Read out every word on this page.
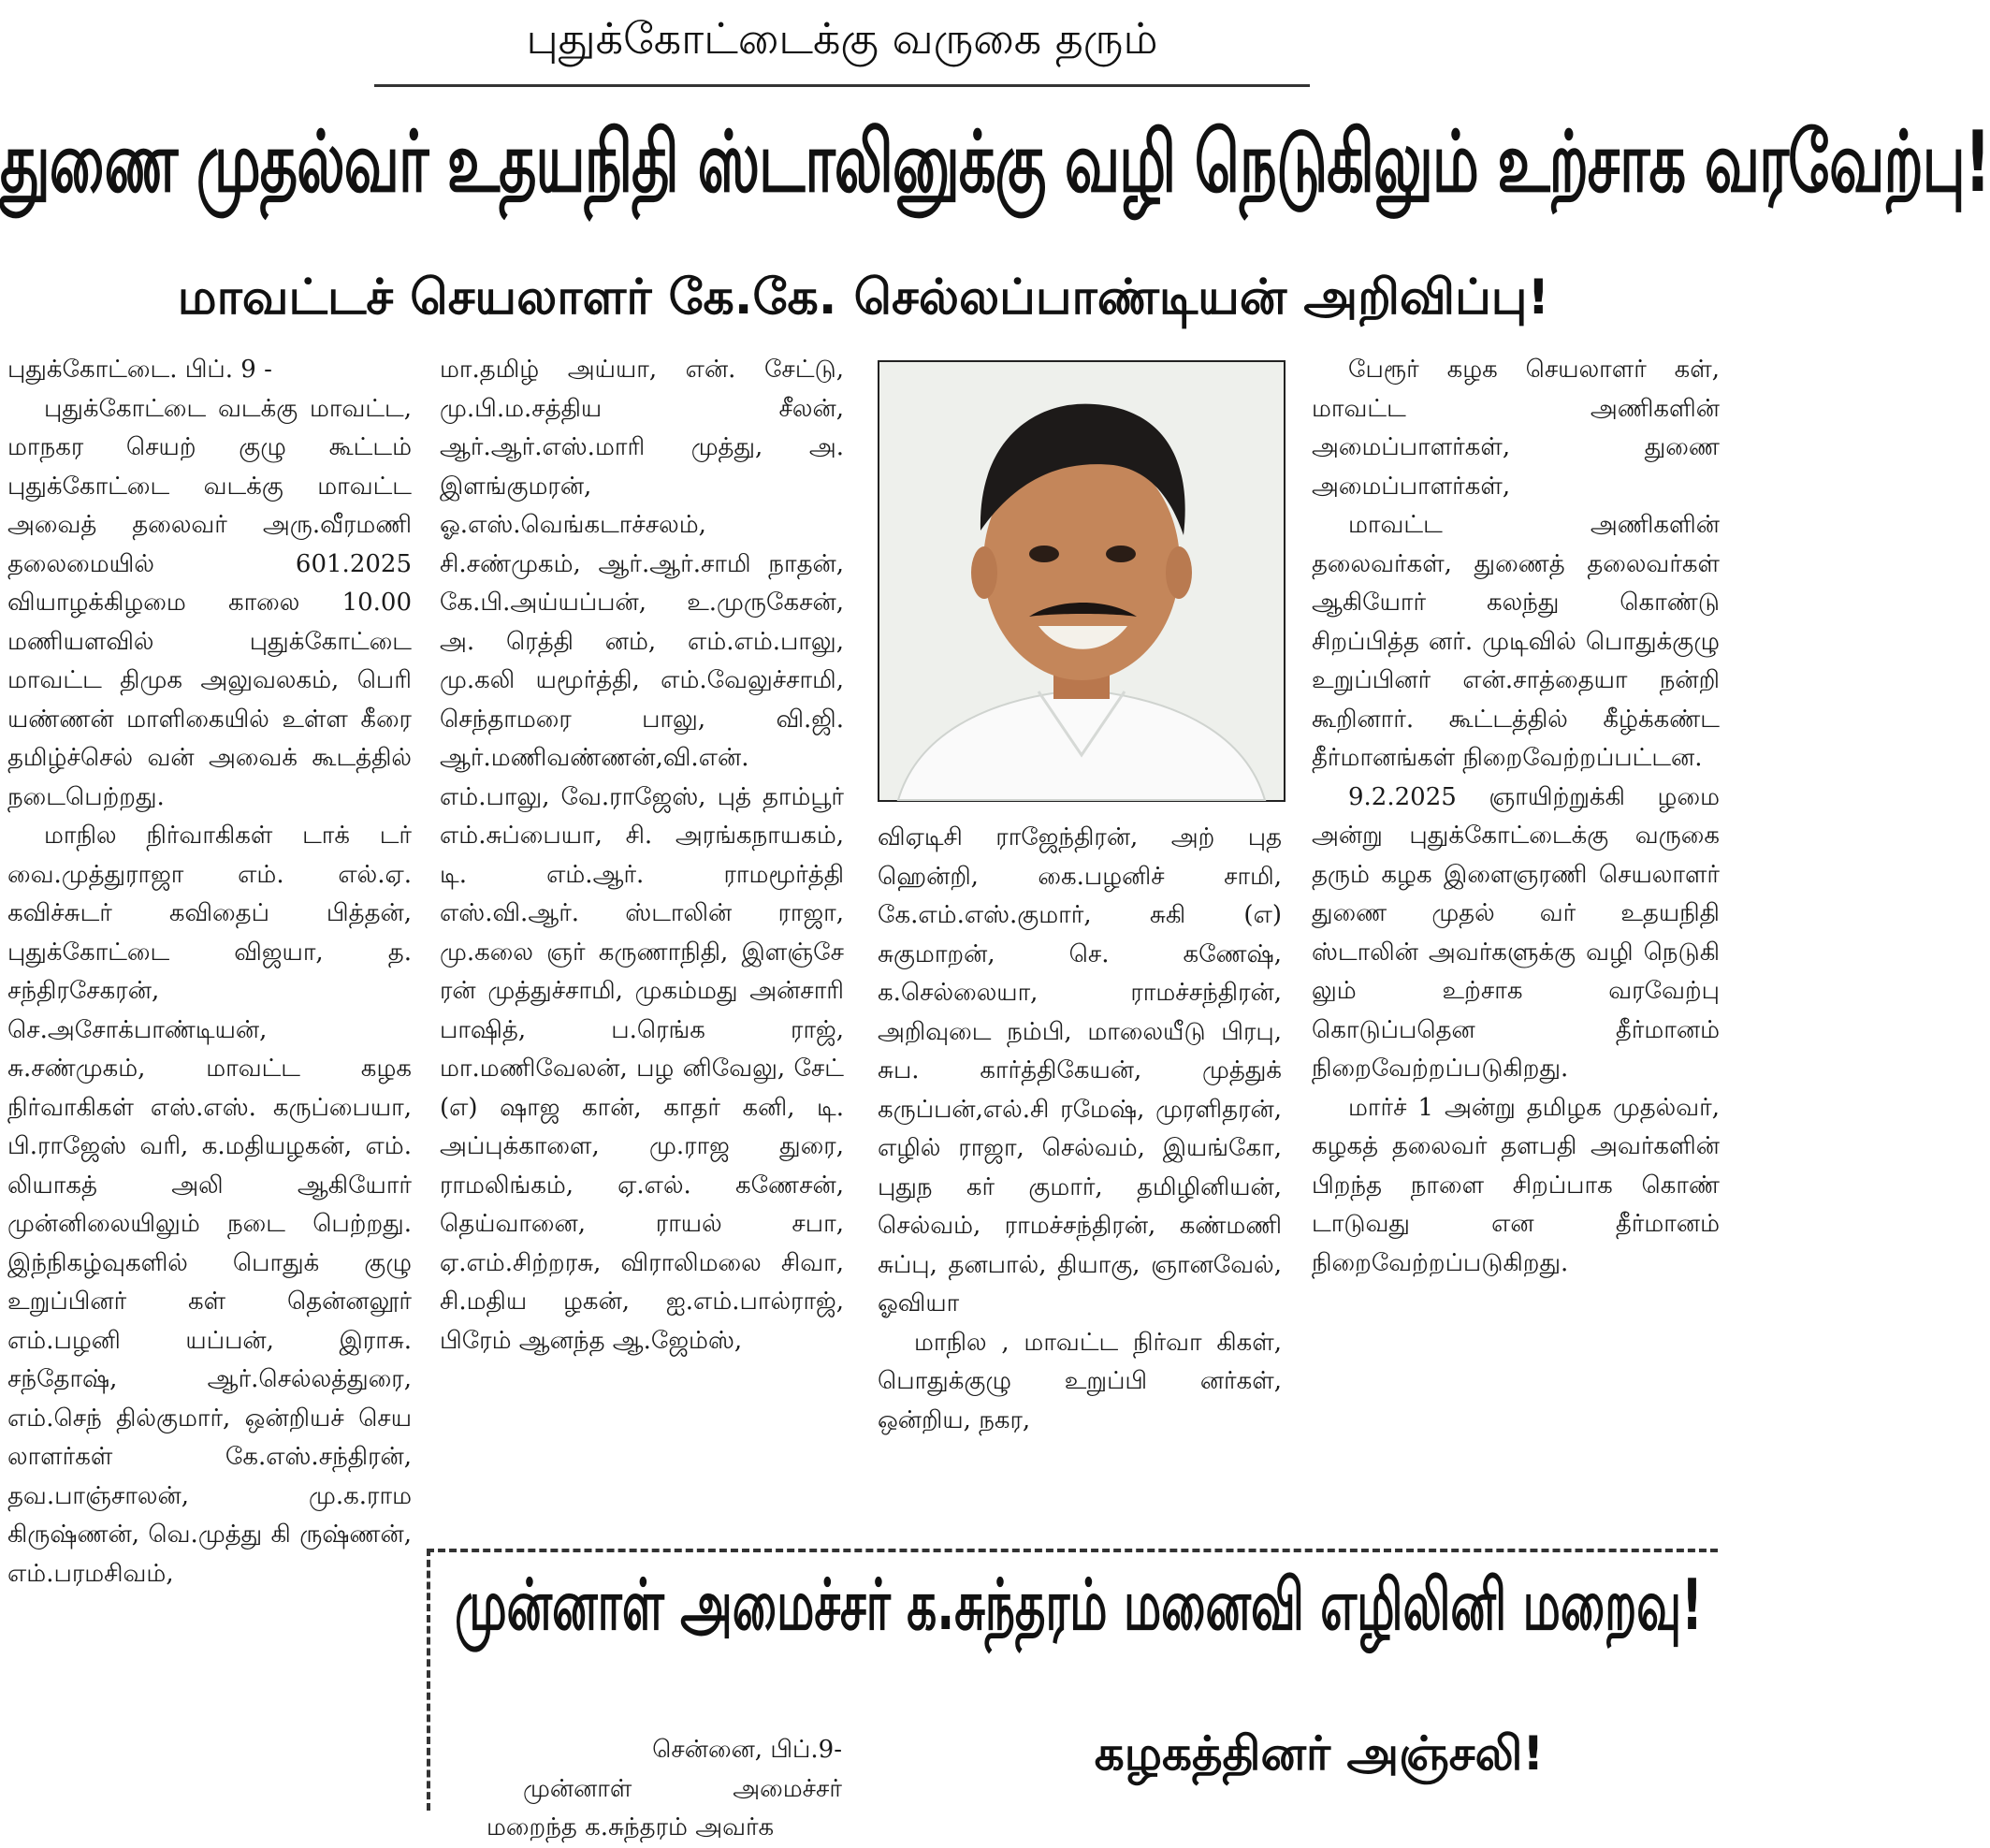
புதுக்கோட்டைக்கு வருகை தரும்
துணை முதல்வர் உதயநிதி ஸ்டாலினுக்கு வழி நெடுகிலும் உற்சாக வரவேற்பு!
மாவட்டச் செயலாளர் கே.கே. செல்லப்பாண்டியன் அறிவிப்பு!

புதுக்கோட்டை. பிப். 9 -

புதுக்கோட்டை வடக்கு மாவட்ட, மாநகர செயற் குழு கூட்டம் புதுக்கோட்டை வடக்கு மாவட்ட அவைத் தலைவர் அரு.வீரமணி தலைமையில் 601.2025 வியாழக்கிழமை காலை 10.00 மணியளவில் புதுக்கோட்டை மாவட்ட திமுக அலுவலகம், பெரி யண்ணன் மாளிகையில் உள்ள கீரை தமிழ்ச்செல் வன் அவைக் கூடத்தில் நடைபெற்றது.

மாநில நிர்வாகிகள் டாக் டர் வை.முத்துராஜா எம். எல்.ஏ. கவிச்சுடர் கவிதைப் பித்தன், புதுக்கோட்டை விஜயா, த. சந்திரசேகரன், செ.அசோக்பாண்டியன், சு.சண்முகம், மாவட்ட கழக நிர்வாகிகள் எஸ்.எஸ். கருப்பையா, பி.ராஜேஸ் வரி, க.மதியழகன், எம். லியாகத் அலி ஆகியோர் முன்னிலையிலும் நடை பெற்றது. இந்நிகழ்வுகளில் பொதுக் குழு உறுப்பினர் கள் தென்னலூர் எம்.பழனி யப்பன், இராசு. சந்தோஷ், ஆர்.செல்லத்துரை, எம்.செந் தில்குமார், ஒன்றியச் செய லாளர்கள் கே.எஸ்.சந்திரன், தவ.பாஞ்சாலன், மு.க.ராம கிருஷ்ணன், வெ.முத்து கி ருஷ்ணன், எம்.பரமசிவம்,

மா.தமிழ் அய்யா, என். சேட்டு, மு.பி.ம.சத்திய சீலன், ஆர்.ஆர்.எஸ்.மாரி முத்து, அ. இளங்குமரன், ஓ.எஸ்.வெங்கடாச்சலம், சி.சண்முகம், ஆர்.ஆர்.சாமி நாதன், கே.பி.அய்யப்பன், உ.முருகேசன், அ. ரெத்தி னம், எம்.எம்.பாலு, மு.கலி யமூர்த்தி, எம்.வேலுச்சாமி, செந்தாமரை பாலு, வி.ஜி. ஆர்.மணிவண்ணன்,வி.என். எம்.பாலு, வே.ராஜேஸ், புத் தாம்பூர் எம்.சுப்பையா, சி. அரங்கநாயகம், டி. எம்.ஆர். ராமமூர்த்தி எஸ்.வி.ஆர். ஸ்டாலின் ராஜா, மு.கலை ஞர் கருணாநிதி, இளஞ்சே ரன் முத்துச்சாமி, முகம்மது அன்சாரி பாஷித், ப.ரெங்க ராஜ், மா.மணிவேலன், பழ னிவேலு, சேட் (எ) ஷாஜ கான், காதர் கனி, டி. அப்புக்காளை, மு.ராஜ துரை, ராமலிங்கம், ஏ.எல். கணேசன், தெய்வானை, ராயல் சபா, ஏ.எம்.சிற்றரசு, விராலிமலை சிவா, சி.மதிய ழகன், ஐ.எம்.பால்ராஜ், பிரேம் ஆனந்த ஆ.ஜேம்ஸ்,

விஏடிசி ராஜேந்திரன், அற் புத ஹென்றி, கை.பழனிச் சாமி, கே.எம்.எஸ்.குமார், சுகி (எ) சுகுமாறன், செ. கணேஷ், க.செல்லையா, ராமச்சந்திரன், அறிவுடை நம்பி, மாலையீடு பிரபு, சுப. கார்த்திகேயன், முத்துக் கருப்பன்,எல்.சி ரமேஷ், முரளிதரன், எழில் ராஜா, செல்வம், இயங்கோ, புதுந கர் குமார், தமிழினியன், செல்வம், ராமச்சந்திரன், கண்மணி சுப்பு, தனபால், தியாகு, ஞானவேல், ஓவியா

மாநில , மாவட்ட நிர்வா கிகள், பொதுக்குழு உறுப்பி னர்கள், ஒன்றிய, நகர,

பேரூர் கழக செயலாளர் கள், மாவட்ட அணிகளின் அமைப்பாளர்கள், துணை அமைப்பாளர்கள்,

மாவட்ட அணிகளின் தலைவர்கள், துணைத் தலைவர்கள் ஆகியோர் கலந்து கொண்டு சிறப்பித்த னர். முடிவில் பொதுக்குழு உறுப்பினர் என்.சாத்தையா நன்றி கூறினார். கூட்டத்தில் கீழ்க்கண்ட தீர்மானங்கள் நிறைவேற்றப்பட்டன.

9.2.2025 ஞாயிற்றுக்கி ழமை அன்று புதுக்கோட்டைக்கு வருகை தரும் கழக இளைஞரணி செயலாளர் துணை முதல் வர் உதயநிதி ஸ்டாலின் அவர்களுக்கு வழி நெடுகி லும் உற்சாக வரவேற்பு கொடுப்பதென தீர்மானம் நிறைவேற்றப்படுகிறது.

மார்ச் 1 அன்று தமிழக முதல்வர், கழகத் தலைவர் தளபதி அவர்களின் பிறந்த நாளை சிறப்பாக கொண் டாடுவது என தீர்மானம் நிறைவேற்றப்படுகிறது.

முன்னாள் அமைச்சர் க.சுந்தரம் மனைவி எழிலினி மறைவு!
கழகத்தினர் அஞ்சலி!

சென்னை, பிப்.9-

முன்னாள் அமைச்சர் மறைந்த க.சுந்தரம் அவர்க
